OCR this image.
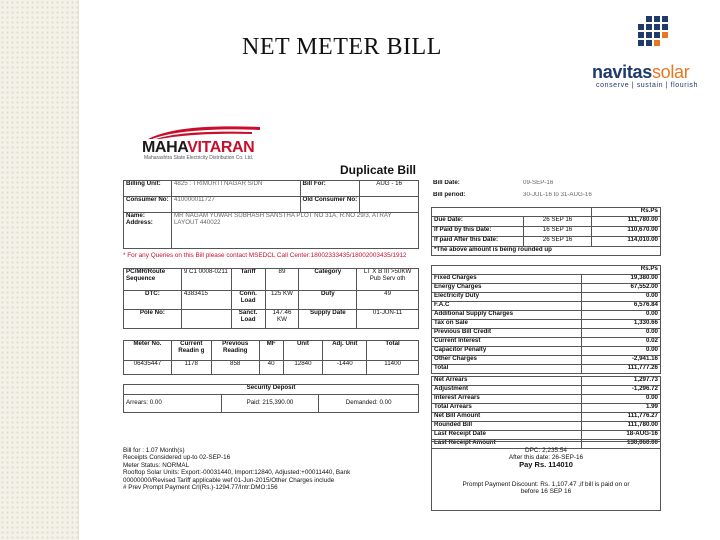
NET METER BILL
navitassolar
conserve | sustain | flourish
MAHAVITARAN
Maharashtra State Electricity Distribution Co. Ltd.
Duplicate Bill
Billing Unit:	4825 : TRIMURTI NAGAR S/DN	Bill For:	AUG - 16
Consumer No:	410000011727	Old Consumer No:	
Name: Address:	MR NAGAM YUWAR SUBHASH SANSTHA PLOT NO 31A, R.NO 29/3, ATRAY LAYOUT 440022		
* For any Queries on this Bill please contact MSEDCL Call Center:18002333435/18002003435/1912
Bill Date:	09-SEP-16
Bill period:	30-JUL-16 to 31-AUG-16
		Rs.Ps
Due Date:	26 SEP 16	111,780.00
If Paid by this Date:	16 SEP 16	110,670.00
If paid After this Date:	26 SEP 16	114,010.00
*The above amount is being rounded up		
PC/MR/Route Sequence	9 C1 0008-0211	Tariff	89	Category	LT X B III >50KW Pub Serv oth
DTC:	4383415	Conn. Load	125 KW	Duty	49
Pole No:		Sanct. Load	147.46 KW	Supply Date	01-JUN-11
Meter No.	Current Readin g	Previous Reading	MF	Unit	Adj. Unit	Total
06435447	1178	858	40	12840	-1440	11400
Security Deposit
Arrears: 0.00	Paid: 215,390.00	Demanded: 0.00
Bill for : 1.07 Month(s)
Receipts Considered up-to 02-SEP-16
Meter Status: NORMAL
Rooftop Solar Units: Export:-00031440, Import:12840, Adjusted:+00011440, Bank
00000000/Revised Tariff applicable wef 01-Jun-2015/Other Charges include
# Prev Prompt Payment Crl(Rs.)-1294.77/Intr:DMO:156
	Rs.Ps
Fixed Charges	19,380.00
Energy Charges	67,552.00
Electricity Duty	0.00
F.A.C	6,576.84
Additional Supply Charges	0.00
Tax on Sale	1,330.66
Previous Bill Credit	0.00
Current Interest	0.02
Capacitor Penalty	0.00
Other Charges	-2,941.16
Total	111,777.26
Net Arrears	1,297.73
Adjustment	-1,296.72
Interest Arrears	0.00
Total Arrears	1.99
Net Bill Amount	111,776.27
Rounded Bill	111,780.00
Last Receipt Date	18-AUG-16
Last Receipt Amount	130,060.00
DPC: 2,235.54
After this date: 26-SEP-16
Pay Rs. 114010
Prompt Payment Discount: Rs. 1,107.47 ,if bill is paid on or
before 16 SEP 16
